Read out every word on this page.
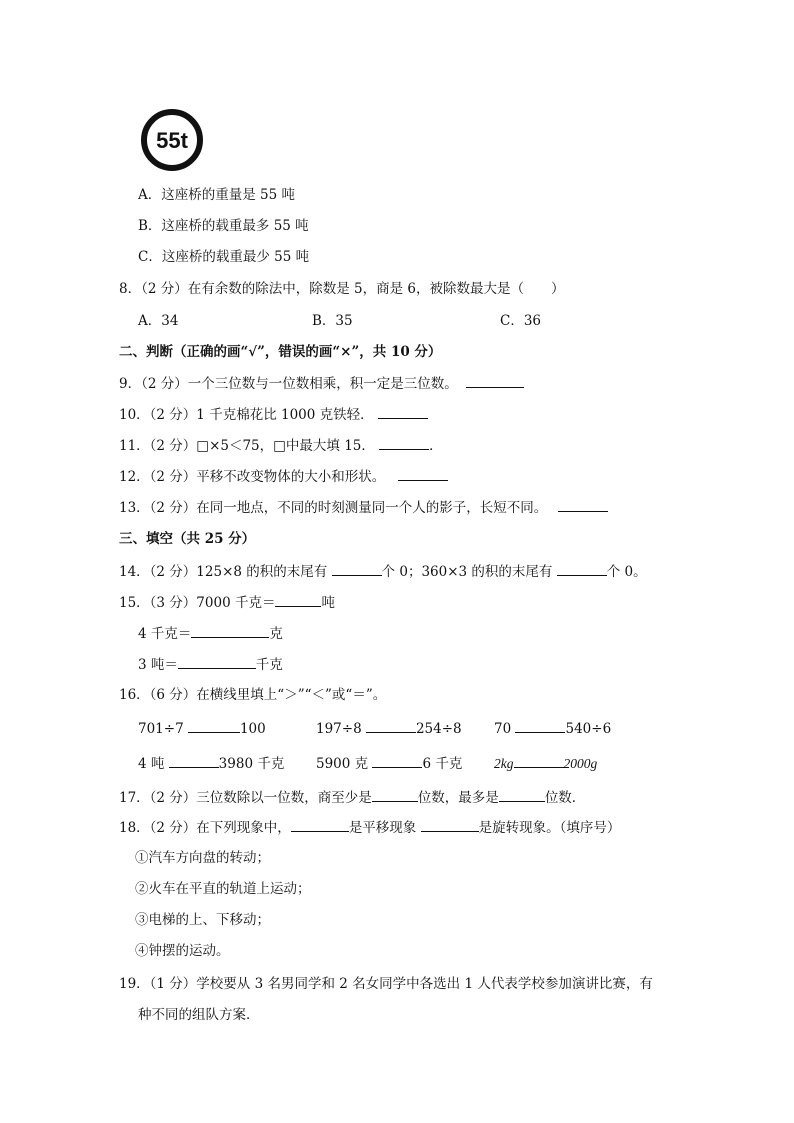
55t
A．这座桥的重量是 55 吨
B．这座桥的载重最多 55 吨
C．这座桥的载重最少 55 吨
8．（2 分）在有余数的除法中，除数是 5，商是 6，被除数最大是（　　）
A．34	B．35	C．36
二、判断（正确的画“√”，错误的画“×”，共 10 分）
9．（2 分）一个三位数与一位数相乘，积一定是三位数。
10．（2 分）1 千克棉花比 1000 克铁轻．
11．（2 分）□×5＜75，□中最大填 15．	．
12．（2 分）平移不改变物体的大小和形状。
13．（2 分）在同一地点，不同的时刻测量同一个人的影子，长短不同。
三、填空（共 25 分）
14．（2 分）125×8 的积的末尾有	个 0；360×3 的积的末尾有	个 0。
15．（3 分）7000 千克＝	吨
4 千克＝	克
3 吨＝	千克
16．（6 分）在横线里填上“＞”“＜”或“＝”。
701÷7	100	197÷8	254÷8 70	540÷6
4 吨	3980 千克 5900 克	6 千克 2kg	2000g
17．（2 分）三位数除以一位数，商至少是	位数，最多是	位数．
18．（2 分）在下列现象中，	是平移现象	是旋转现象。（填序号）
①汽车方向盘的转动；
②火车在平直的轨道上运动；
③电梯的上、下移动；
④钟摆的运动。
19．（1 分）学校要从 3 名男同学和 2 名女同学中各选出 1 人代表学校参加演讲比赛，有
种不同的组队方案．
